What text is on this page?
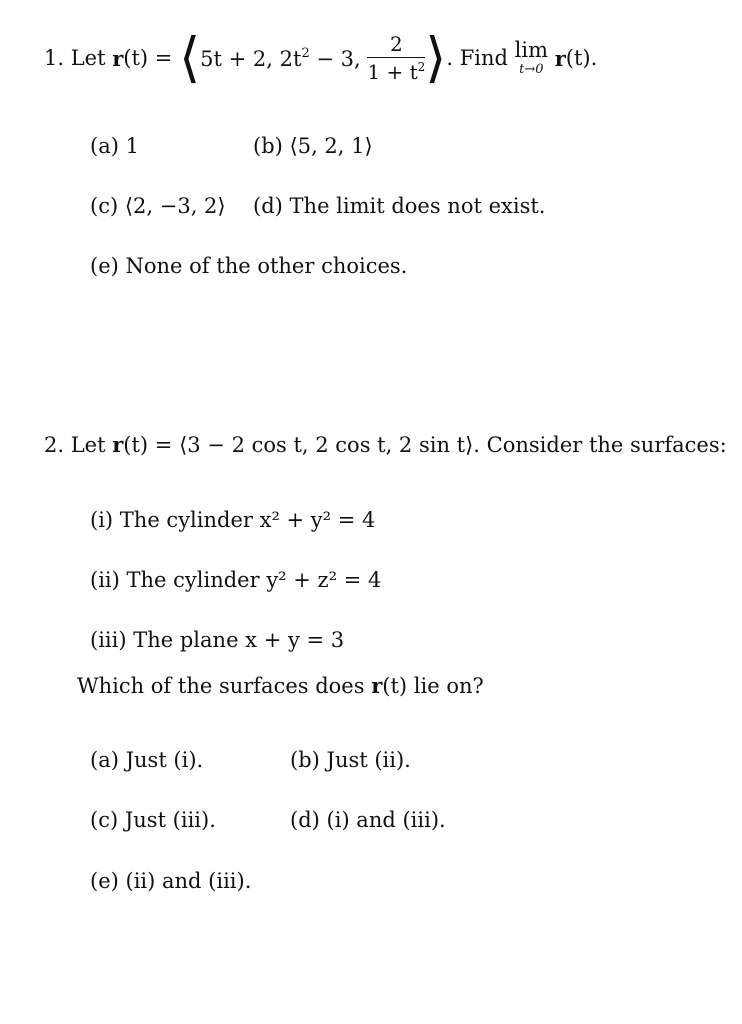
1. Let
r (t) =
⟨ 5t + 2, $2t^2 - 3$,
$\frac{2}{1 + t^2}$ ⟩ . Find
lim
t→0
r (t).
(a) 1	(b) ⟨5, 2, 1⟩
(c) ⟨2, −3, 2⟩ (d) The limit does not exist.
(e) None of the other choices.
2. Let r(t) = ⟨3 − 2 cos t, 2 cos t, 2 sin t⟩. Consider the surfaces:
(i) The cylinder x² + y² = 4
(ii) The cylinder y² + z² = 4
(iii) The plane x + y = 3
Which of the surfaces does r(t) lie on?
(a) Just (i).	(b) Just (ii).
(c) Just (iii).	(d) (i) and (iii).
(e) (ii) and (iii).
